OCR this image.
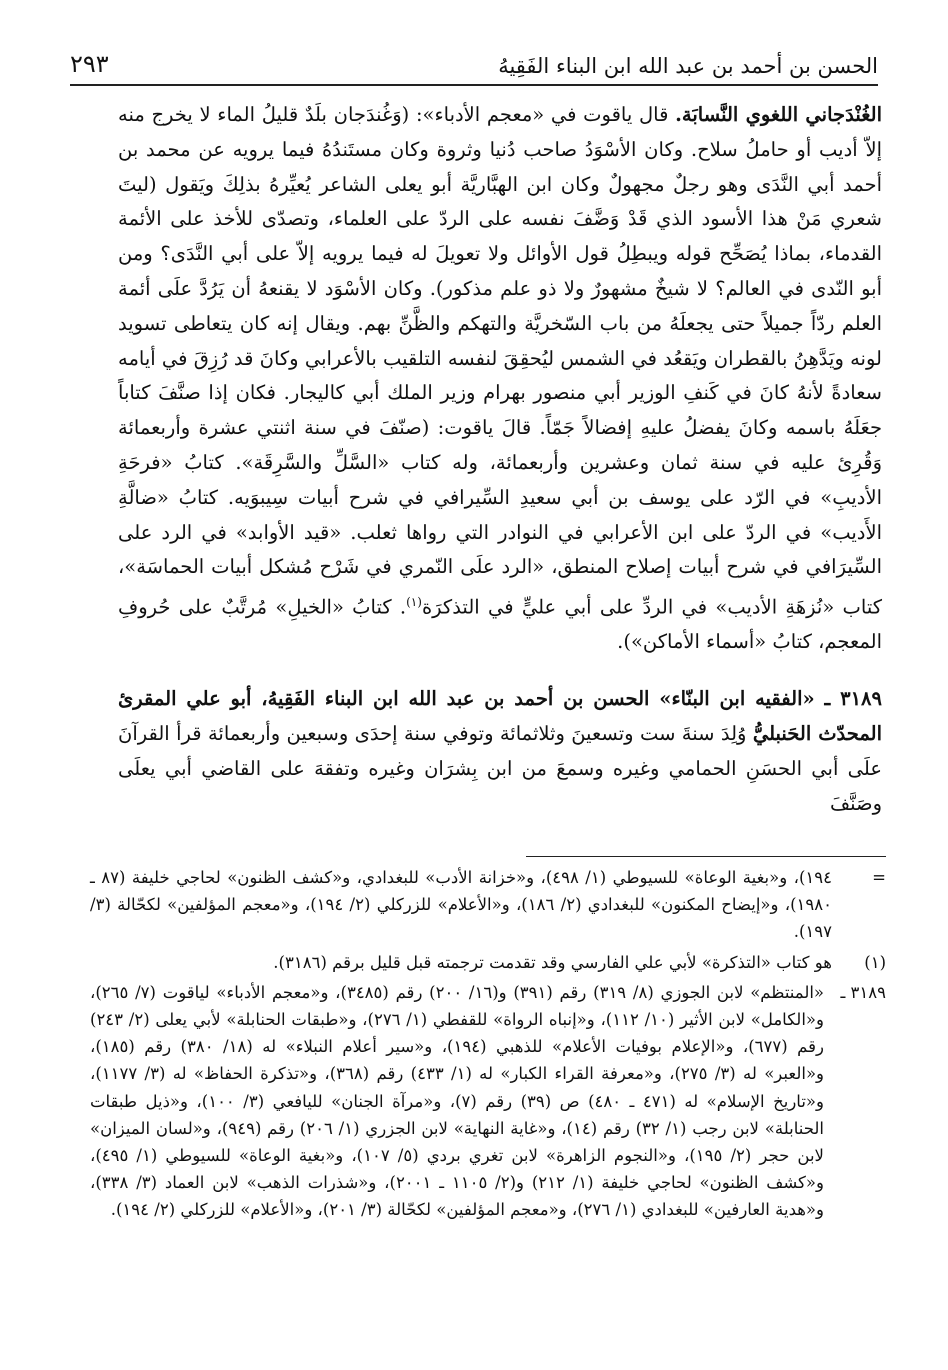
الحسن بن أحمد بن عبد الله ابن البناء الفَقِيهُ
٢٩٣

الغُنْدَجاني اللغوي النَّسابَة. قال ياقوت في «معجم الأدباء»: (وَغُندَجان بلَدٌ قليلُ الماء لا يخرج منه إلاّ أديب أو حاملُ سلاح. وكان الأسْوَدُ صاحب دُنيا وثروة وكان مستَندُهُ فيما يرويه عن محمد بن أحمد أبي النَّدَى وهو رجلٌ مجهولٌ وكان ابن الهبَّاريَّة أبو يعلى الشاعر يُعيِّرهُ بذلِكَ ويَقول (ليتَ شعري مَنْ هذا الأسود الذي قَدْ وَضَّفَ نفسه على الردّ على العلماء، وتصدّى للأخذ على الأئمة القدماء، بماذا يُصَحِّح قوله ويبطِلُ قول الأوائل ولا تعويلَ له فيما يرويه إلاّ على أبي النَّدَى؟ ومن أبو النّدى في العالم؟ لا شيخٌ مشهورٌ ولا ذو علم مذكور). وكان الأسْوَد لا يقنعهُ أن يَرُدَّ علَى أئمة العلم ردّاً جميلاً حتى يجعلَهُ من باب السّخريَّة والتهكم والظَّنِّ بهم. ويقال إنه كان يتعاطى تسويد لونه ويَدَّهِنُ بالقطران ويَقعُد في الشمس ليُحقِقَ لنفسه التلقيب بالأعرابي وكانَ قد رُزِقَ في أيامه سعادةً لأنهُ كانَ في كَنفِ الوزير أبي منصور بهرام وزير الملك أبي كاليجار. فكان إذا صنَّفَ كتاباً جعَلَهُ باسمه وكانَ يفضلُ عليهِ إفضالاً جَمّاً. قالَ ياقوت: (صنّفَ في سنة اثنتي عشرة وأربعمائة وَقُرِئ عليه في سنة ثمان وعشرين وأربعمائة، وله كتاب «السَّلِّ والسَّرِقَة». كتابُ «فرحَةِ الأديبِ» في الرّد على يوسف بن أبي سعيدِ السِّيرافي في شرح أبيات سِيبوَيه. كتابُ «ضالَّةِ الأَديب» في الردّ على ابن الأعرابي في النوادر التي رواها ثعلب. «قيد الأوابد» في الرد على السِّيرَافي في شرح أبيات إصلاح المنطق، «الرد علَى النّمري في شَرْح مُشكل أبيات الحماسَة»، كتاب «نُزهَةِ الأديب» في الردِّ على أبي عليٍّ في التذكرَة$^{(١)}$. كتابُ «الخيلِ» مُرتَّبٌ على حُروفِ المعجم، كتابُ «أسماء الأماكن»).

٣١٨٩ ـ «الفقيه ابن البنّاء» الحسن بن أحمد بن عبد الله ابن البناء الفَقِيهُ، أبو علي المقرئ المحدّث الحَنبليُّ وُلِدَ سنةَ ست وتسعينَ وثلاثمائة وتوفي سنة إحدَى وسبعين وأربعمائة قرأ القرآنَ علَى أبي الحسَنِ الحمامي وغيره وسمعَ من ابن بِشرَان وغيره وتفقهَ على القاضي أبي يعلَى وصَنَّفَ

=
١٩٤)، و«بغية الوعاة» للسيوطي (١/ ٤٩٨)، و«خزانة الأدب» للبغدادي، و«كشف الظنون» لحاجي خليفة (٨٧ ـ ١٩٨٠)، و«إيضاح المكنون» للبغدادي (٢/ ١٨٦)، و«الأعلام» للزركلي (٢/ ١٩٤)، و«معجم المؤلفين» لكحّالة (٣/ ١٩٧).
(١)
هو كتاب «التذكرة» لأبي علي الفارسي وقد تقدمت ترجمته قبل قليل برقم (٣١٨٦).
٣١٨٩ ـ
«المنتظم» لابن الجوزي (٨/ ٣١٩) رقم (٣٩١) و(١٦/ ٢٠٠) رقم (٣٤٨٥)، و«معجم الأدباء» لياقوت (٧/ ٢٦٥)، و«الكامل» لابن الأثير (١٠/ ١١٢)، و«إنباه الرواة» للقفطي (١/ ٢٧٦)، و«طبقات الحنابلة» لأبي يعلى (٢/ ٢٤٣) رقم (٦٧٧)، و«الإعلام بوفيات الأعلام» للذهبي (١٩٤)، و«سير أعلام النبلاء» له (١٨/ ٣٨٠) رقم (١٨٥)، و«العبر» له (٣/ ٢٧٥)، و«معرفة القراء الكبار» له (١/ ٤٣٣) رقم (٣٦٨)، و«تذكرة الحفاظ» له (٣/ ١١٧٧)، و«تاريخ الإسلام» له (٤٧١ ـ ٤٨٠) ص (٣٩) رقم (٧)، و«مرآة الجنان» لليافعي (٣/ ١٠٠)، و«ذيل طبقات الحنابلة» لابن رجب (١/ ٣٢) رقم (١٤)، و«غاية النهاية» لابن الجزري (١/ ٢٠٦) رقم (٩٤٩)، و«لسان الميزان» لابن حجر (٢/ ١٩٥)، و«النجوم الزاهرة» لابن تغري بردي (٥/ ١٠٧)، و«بغية الوعاة» للسيوطي (١/ ٤٩٥)، و«كشف الظنون» لحاجي خليفة (١/ ٢١٢) و(٢/ ١١٠٥ ـ ٢٠٠١)، و«شذرات الذهب» لابن العماد (٣/ ٣٣٨)، و«هدية العارفين» للبغدادي (١/ ٢٧٦)، و«معجم المؤلفين» لكحّالة (٣/ ٢٠١)، و«الأعلام» للزركلي (٢/ ١٩٤).
